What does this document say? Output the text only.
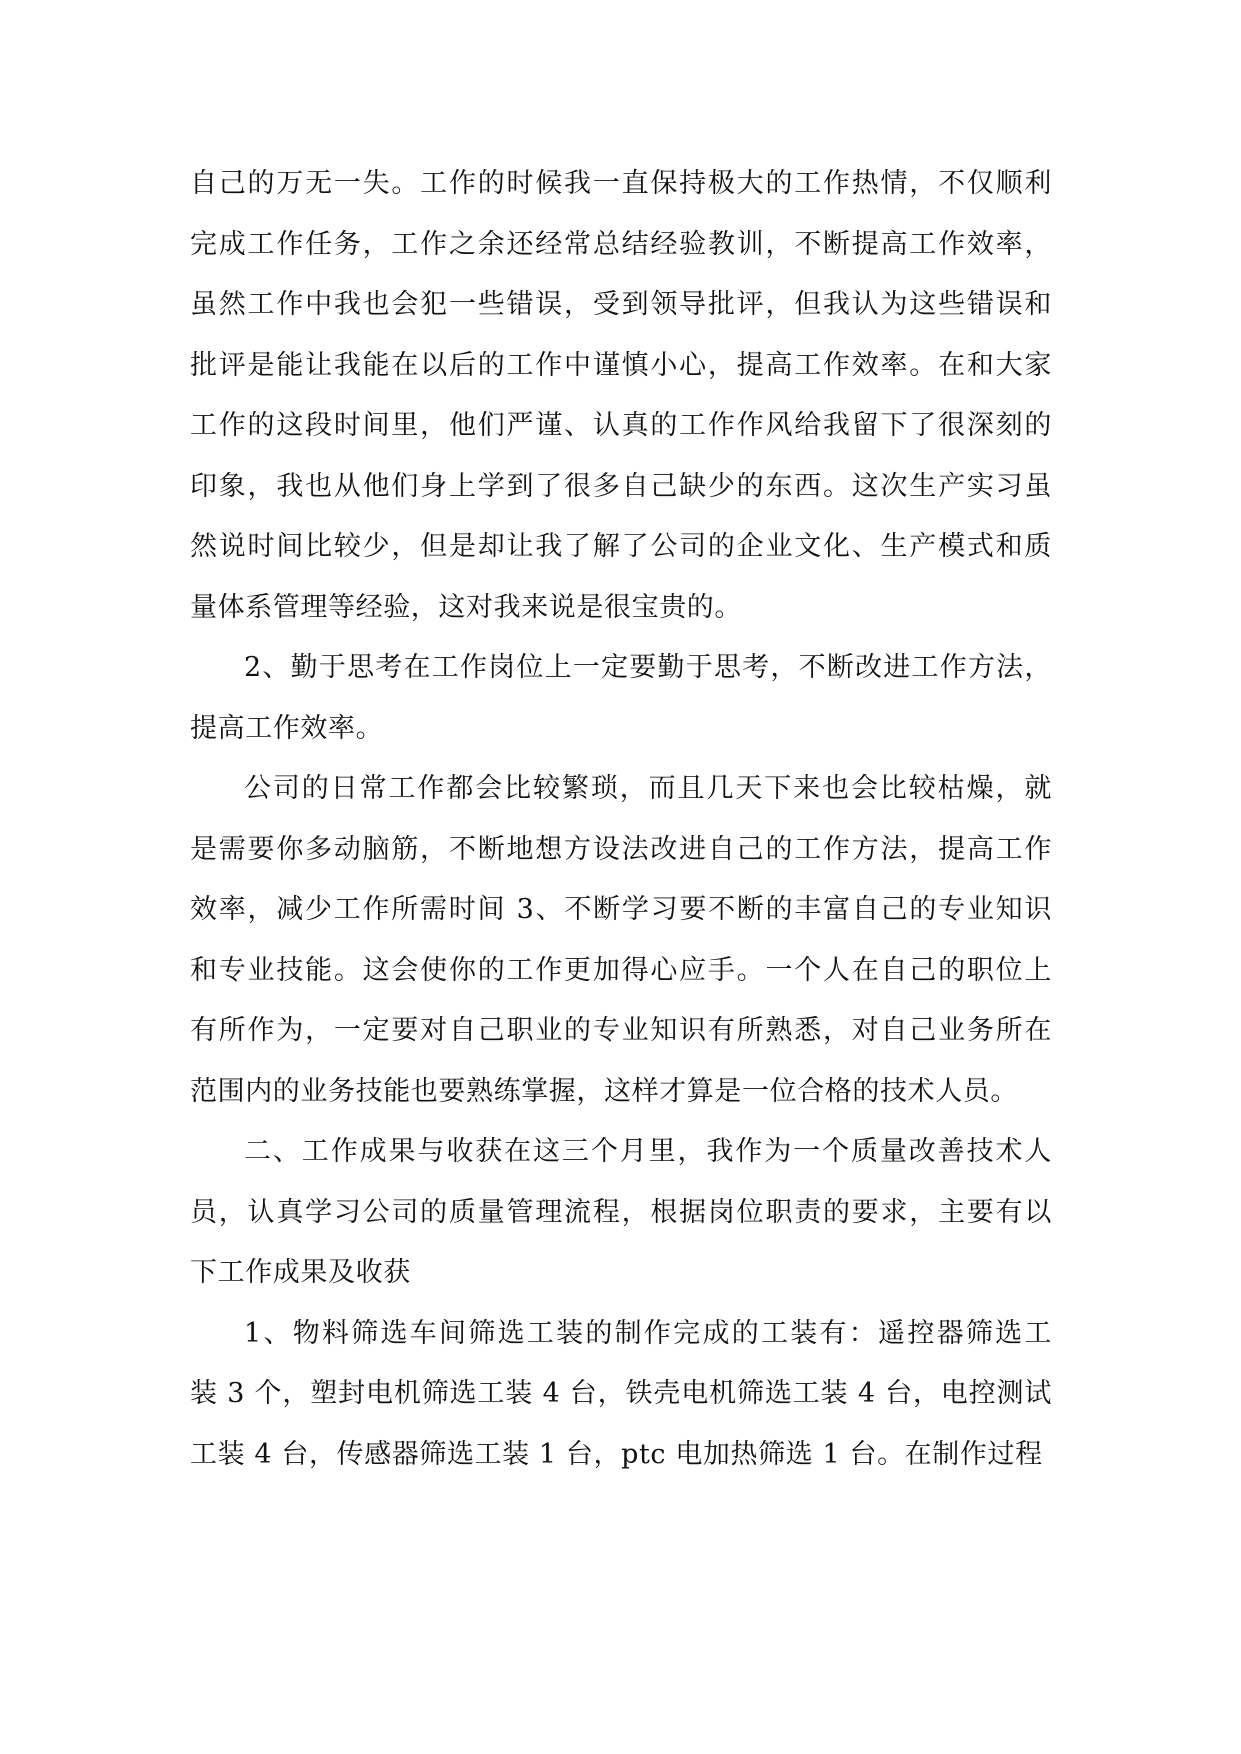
自己的万无一失。工作的时候我一直保持极大的工作热情，不仅顺利
完成工作任务，工作之余还经常总结经验教训，不断提高工作效率，
虽然工作中我也会犯一些错误，受到领导批评，但我认为这些错误和
批评是能让我能在以后的工作中谨慎小心，提高工作效率。在和大家
工作的这段时间里，他们严谨、认真的工作作风给我留下了很深刻的
印象，我也从他们身上学到了很多自己缺少的东西。这次生产实习虽
然说时间比较少，但是却让我了解了公司的企业文化、生产模式和质
量体系管理等经验，这对我来说是很宝贵的。
2、勤于思考在工作岗位上一定要勤于思考，不断改进工作方法，
提高工作效率。
公司的日常工作都会比较繁琐，而且几天下来也会比较枯燥，就
是需要你多动脑筋，不断地想方设法改进自己的工作方法，提高工作
效率，减少工作所需时间 3、不断学习要不断的丰富自己的专业知识
和专业技能。这会使你的工作更加得心应手。一个人在自己的职位上
有所作为，一定要对自己职业的专业知识有所熟悉，对自己业务所在
范围内的业务技能也要熟练掌握，这样才算是一位合格的技术人员。
二、工作成果与收获在这三个月里，我作为一个质量改善技术人
员，认真学习公司的质量管理流程，根据岗位职责的要求，主要有以
下工作成果及收获
1、物料筛选车间筛选工装的制作完成的工装有：遥控器筛选工
装 3 个，塑封电机筛选工装 4 台，铁壳电机筛选工装 4 台，电控测试
工装 4 台，传感器筛选工装 1 台，ptc 电加热筛选 1 台。在制作过程
